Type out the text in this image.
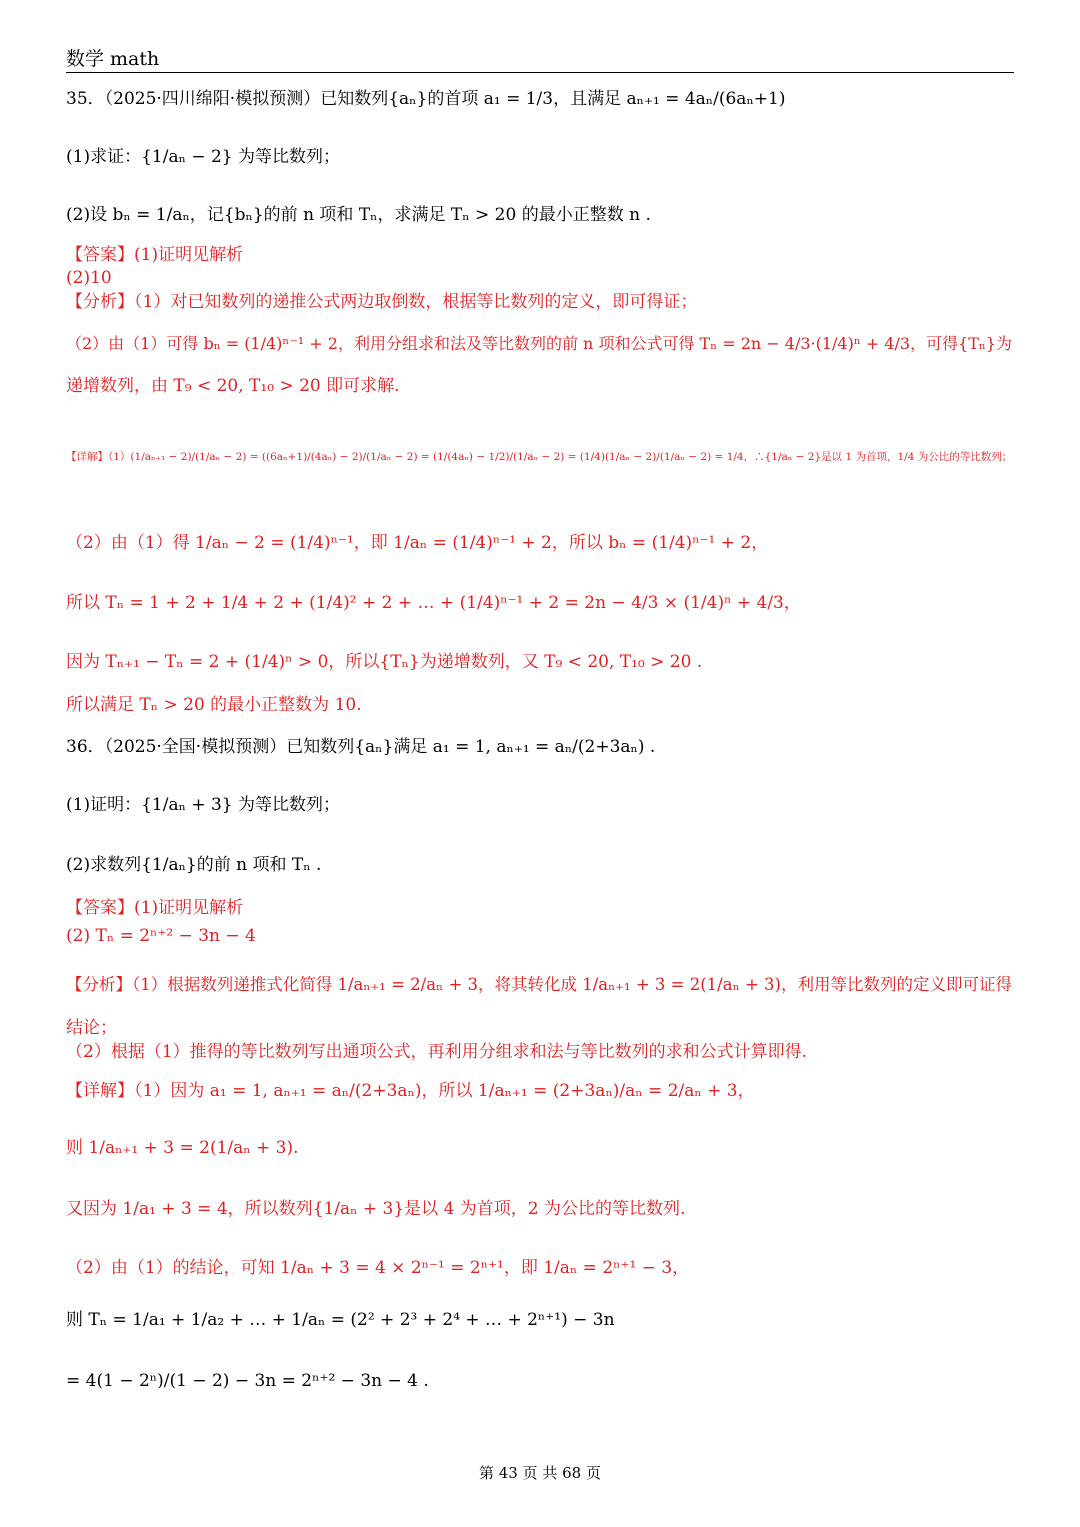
数学 math
35．（2025·四川绵阳·模拟预测）已知数列{aₙ}的首项 a₁ = 1/3，且满足 aₙ₊₁ = 4aₙ/(6aₙ+1)
(1)求证：{1/aₙ − 2} 为等比数列；
(2)设 bₙ = 1/aₙ，记{bₙ}的前 n 项和 Tₙ，求满足 Tₙ > 20 的最小正整数 n .
【答案】(1)证明见解析
(2)10
【分析】（1）对已知数列的递推公式两边取倒数，根据等比数列的定义，即可得证；
（2）由（1）可得 bₙ = (1/4)ⁿ⁻¹ + 2，利用分组求和法及等比数列的前 n 项和公式可得 Tₙ = 2n − 4/3·(1/4)ⁿ + 4/3，可得{Tₙ}为
递增数列，由 T₉ < 20, T₁₀ > 20 即可求解.
【详解】（1）(1/aₙ₊₁ − 2)/(1/aₙ − 2) = ((6aₙ+1)/(4aₙ) − 2)/(1/aₙ − 2) = (1/(4aₙ) − 1/2)/(1/aₙ − 2) = (1/4)(1/aₙ − 2)/(1/aₙ − 2) = 1/4，∴{1/aₙ − 2}是以 1 为首项，1/4 为公比的等比数列；
（2）由（1）得 1/aₙ − 2 = (1/4)ⁿ⁻¹，即 1/aₙ = (1/4)ⁿ⁻¹ + 2，所以 bₙ = (1/4)ⁿ⁻¹ + 2，
所以 Tₙ = 1 + 2 + 1/4 + 2 + (1/4)² + 2 + … + (1/4)ⁿ⁻¹ + 2 = 2n − 4/3 × (1/4)ⁿ + 4/3，
因为 Tₙ₊₁ − Tₙ = 2 + (1/4)ⁿ > 0，所以{Tₙ}为递增数列，又 T₉ < 20, T₁₀ > 20 .
所以满足 Tₙ > 20 的最小正整数为 10.
36．（2025·全国·模拟预测）已知数列{aₙ}满足 a₁ = 1, aₙ₊₁ = aₙ/(2+3aₙ) .
(1)证明：{1/aₙ + 3} 为等比数列；
(2)求数列{1/aₙ}的前 n 项和 Tₙ .
【答案】(1)证明见解析
(2) Tₙ = 2ⁿ⁺² − 3n − 4
【分析】（1）根据数列递推式化简得 1/aₙ₊₁ = 2/aₙ + 3，将其转化成 1/aₙ₊₁ + 3 = 2(1/aₙ + 3)，利用等比数列的定义即可证得
结论；
（2）根据（1）推得的等比数列写出通项公式，再利用分组求和法与等比数列的求和公式计算即得.
【详解】（1）因为 a₁ = 1, aₙ₊₁ = aₙ/(2+3aₙ)，所以 1/aₙ₊₁ = (2+3aₙ)/aₙ = 2/aₙ + 3，
则 1/aₙ₊₁ + 3 = 2(1/aₙ + 3).
又因为 1/a₁ + 3 = 4，所以数列{1/aₙ + 3}是以 4 为首项，2 为公比的等比数列.
（2）由（1）的结论，可知 1/aₙ + 3 = 4 × 2ⁿ⁻¹ = 2ⁿ⁺¹，即 1/aₙ = 2ⁿ⁺¹ − 3，
则 Tₙ = 1/a₁ + 1/a₂ + … + 1/aₙ = (2² + 2³ + 2⁴ + … + 2ⁿ⁺¹) − 3n
= 4(1 − 2ⁿ)/(1 − 2) − 3n = 2ⁿ⁺² − 3n − 4 .
第 43 页 共 68 页
